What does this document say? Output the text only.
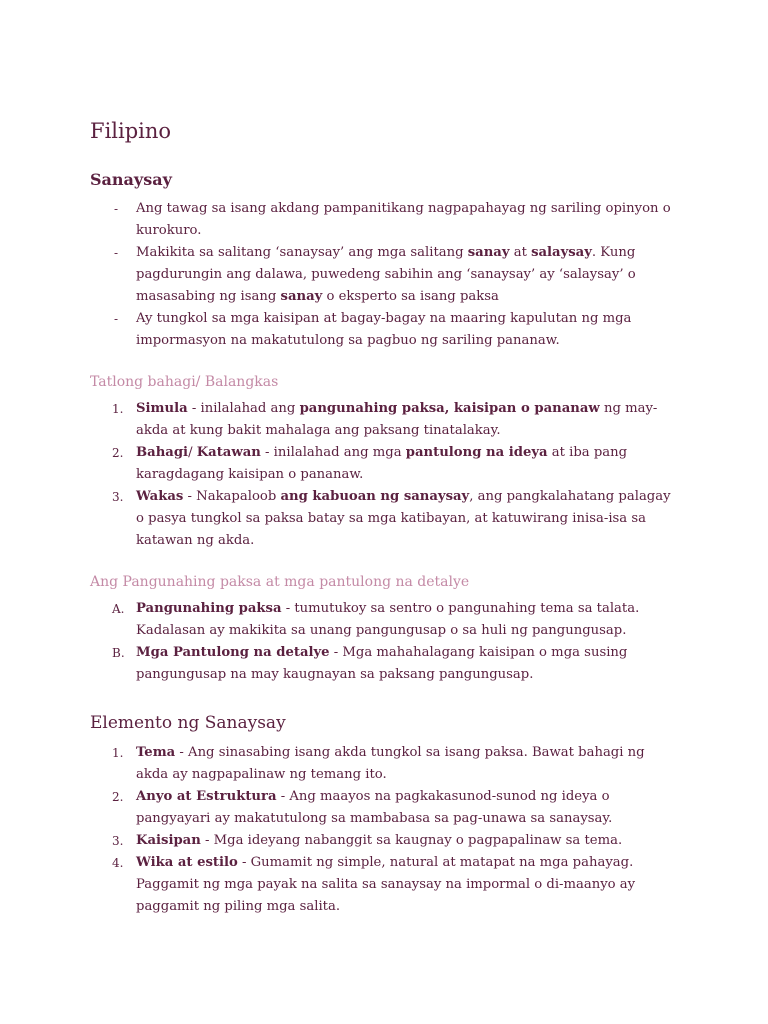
Filipino
Sanaysay
-	Ang tawag sa isang akdang pampanitikang nagpapahayag ng sariling opinyon o kurokuro.
-	Makikita sa salitang ‘sanaysay’ ang mga salitang sanay at salaysay. Kung pagdurungin ang dalawa, puwedeng sabihin ang ‘sanaysay’ ay ‘salaysay’ o masasabing ng isang sanay o eksperto sa isang paksa
-	Ay tungkol sa mga kaisipan at bagay-bagay na maaring kapulutan ng mga impormasyon na makatutulong sa pagbuo ng sariling pananaw.
Tatlong bahagi/ Balangkas
1. Simula - inilalahad ang pangunahing paksa, kaisipan o pananaw ng may-akda at kung bakit mahalaga ang paksang tinatalakay.
2. Bahagi/ Katawan - inilalahad ang mga pantulong na ideya at iba pang karagdagang kaisipan o pananaw.
3. Wakas - Nakapaloob ang kabuoan ng sanaysay, ang pangkalahatang palagay o pasya tungkol sa paksa batay sa mga katibayan, at katuwirang inisa-isa sa katawan ng akda.
Ang Pangunahing paksa at mga pantulong na detalye
A. Pangunahing paksa - tumutukoy sa sentro o pangunahing tema sa talata. Kadalasan ay makikita sa unang pangungusap o sa huli ng pangungusap.
B. Mga Pantulong na detalye - Mga mahahalagang kaisipan o mga susing pangungusap na may kaugnayan sa paksang pangungusap.
Elemento ng Sanaysay
1. Tema - Ang sinasabing isang akda tungkol sa isang paksa. Bawat bahagi ng akda ay nagpapalinaw ng temang ito.
2. Anyo at Estruktura - Ang maayos na pagkakasunod-sunod ng ideya o pangyayari ay makatutulong sa mambabasa sa pag-unawa sa sanaysay.
3. Kaisipan - Mga ideyang nabanggit sa kaugnay o pagpapalinaw sa tema.
4. Wika at estilo - Gumamit ng simple, natural at matapat na mga pahayag. Paggamit ng mga payak na salita sa sanaysay na impormal o di-maanyo ay paggamit ng piling mga salita.
